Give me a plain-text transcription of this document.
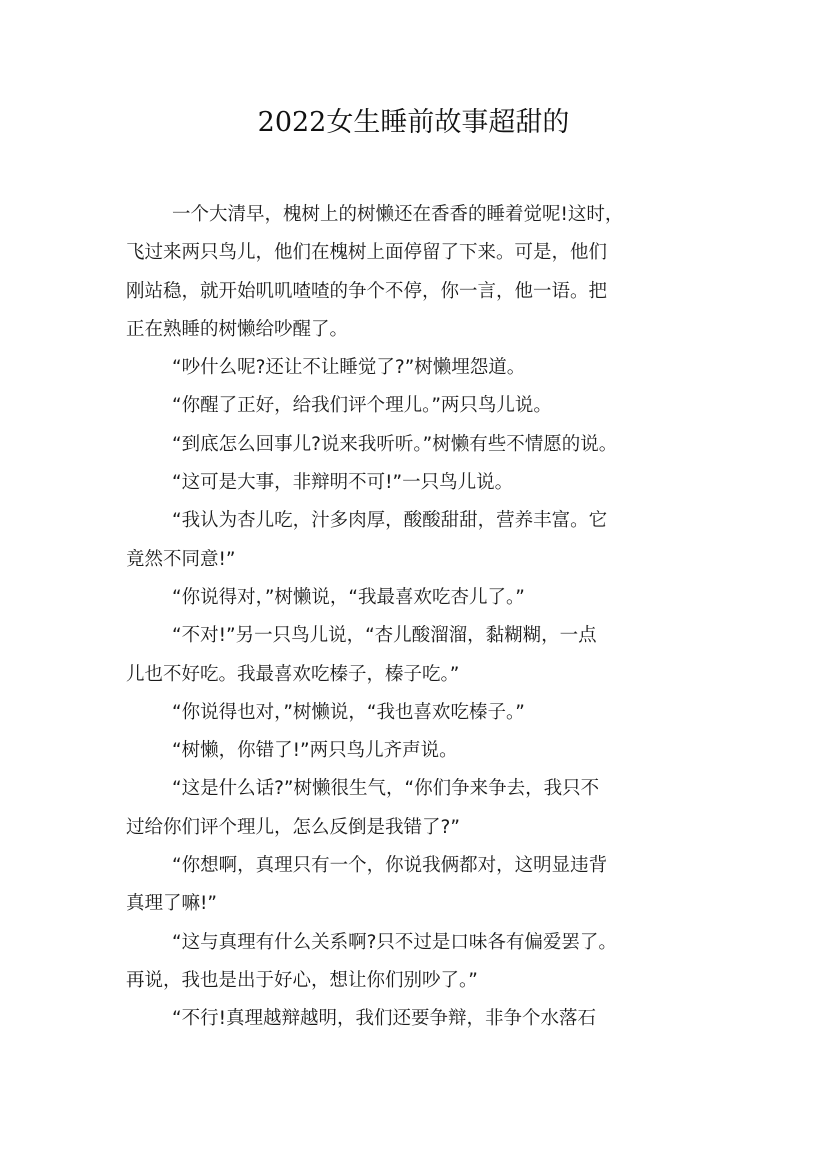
2022女生睡前故事超甜的
一个大清早，槐树上的树懒还在香香的睡着觉呢!这时，
飞过来两只鸟儿，他们在槐树上面停留了下来。可是，他们
刚站稳，就开始叽叽喳喳的争个不停，你一言，他一语。把
正在熟睡的树懒给吵醒了。
“吵什么呢?还让不让睡觉了?”树懒埋怨道。
“你醒了正好，给我们评个理儿。”两只鸟儿说。
“到底怎么回事儿?说来我听听。”树懒有些不情愿的说。
“这可是大事，非辩明不可!”一只鸟儿说。
“我认为杏儿吃，汁多肉厚，酸酸甜甜，营养丰富。它
竟然不同意!”
“你说得对，”树懒说，“我最喜欢吃杏儿了。”
“不对!”另一只鸟儿说，“杏儿酸溜溜，黏糊糊，一点
儿也不好吃。我最喜欢吃榛子，榛子吃。”
“你说得也对，”树懒说，“我也喜欢吃榛子。”
“树懒，你错了!”两只鸟儿齐声说。
“这是什么话?”树懒很生气，“你们争来争去，我只不
过给你们评个理儿，怎么反倒是我错了?”
“你想啊，真理只有一个，你说我俩都对，这明显违背
真理了嘛!”
“这与真理有什么关系啊?只不过是口味各有偏爱罢了。
再说，我也是出于好心，想让你们别吵了。”
“不行!真理越辩越明，我们还要争辩，非争个水落石
